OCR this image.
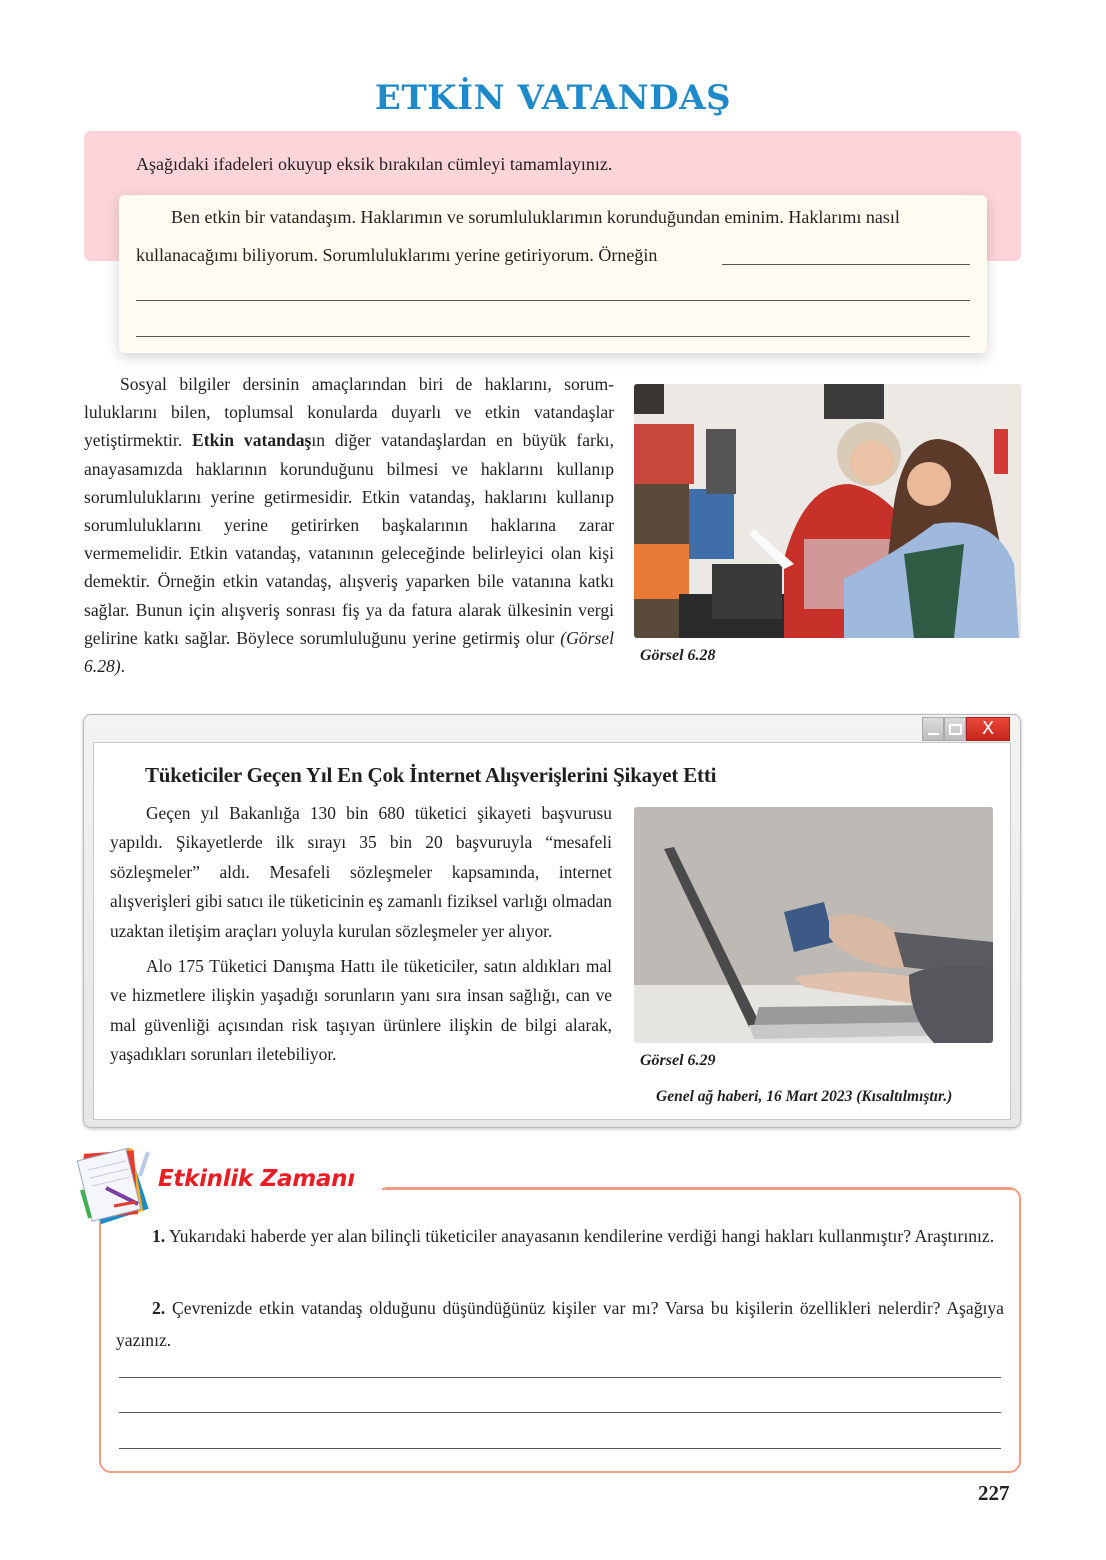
ETKİN VATANDAŞ
Aşağıdaki ifadeleri okuyup eksik bırakılan cümleyi tamamlayınız.
Ben etkin bir vatandaşım. Haklarımın ve sorumluluklarımın korunduğundan eminim. Haklarımı nasıl
kullanacağımı biliyorum. Sorumluluklarımı yerine getiriyorum. Örneğin

Sosyal bilgiler dersinin amaçlarından biri de haklarını, sorumluluklarını bilen, toplumsal konularda duyarlı ve etkin vatandaşlar yetiştirmektir. Etkin vatandaşın diğer vatandaşlardan en büyük farkı, anayasamızda haklarının korunduğunu bilmesi ve haklarını kullanıp sorumluluklarını yerine getirmesidir. Etkin vatandaş, haklarını kullanıp sorumluluklarını yerine getirirken başkalarının haklarına zarar vermemelidir. Etkin vatandaş, vatanının geleceğinde belirleyici olan kişi demektir. Örneğin etkin vatandaş, alışveriş yaparken bile vatanına katkı sağlar. Bunun için alışveriş sonrası fiş ya da fatura alarak ülkesinin vergi gelirine katkı sağlar. Böylece sorumluluğunu yerine getirmiş olur (Görsel 6.28).

Görsel 6.28
X
Tüketiciler Geçen Yıl En Çok İnternet Alışverişlerini Şikayet Etti

Geçen yıl Bakanlığa 130 bin 680 tüketici şikayeti başvurusu yapıldı. Şikayetlerde ilk sırayı 35 bin 20 başvuruyla “mesafeli sözleşmeler” aldı. Mesafeli sözleşmeler kapsamında, internet alışverişleri gibi satıcı ile tüketicinin eş zamanlı fiziksel varlığı olmadan uzaktan iletişim araçları yoluyla kurulan sözleşmeler yer alıyor.

Alo 175 Tüketici Danışma Hattı ile tüketiciler, satın aldıkları mal ve hizmetlere ilişkin yaşadığı sorunların yanı sıra insan sağlığı, can ve mal güvenliği açısından risk taşıyan ürünlere ilişkin de bilgi alarak, yaşadıkları sorunları iletebiliyor.	Görsel 6.29
Genel ağ haberi, 16 Mart 2023 (Kısaltılmıştır.)
Etkinlik Zamanı

1. Yukarıdaki haberde yer alan bilinçli tüketiciler anayasanın kendilerine verdiği hangi hakları kullanmıştır? Araştırınız.

2. Çevrenizde etkin vatandaş olduğunu düşündüğünüz kişiler var mı? Varsa bu kişilerin özellikleri nelerdir? Aşağıya yazınız.

227
